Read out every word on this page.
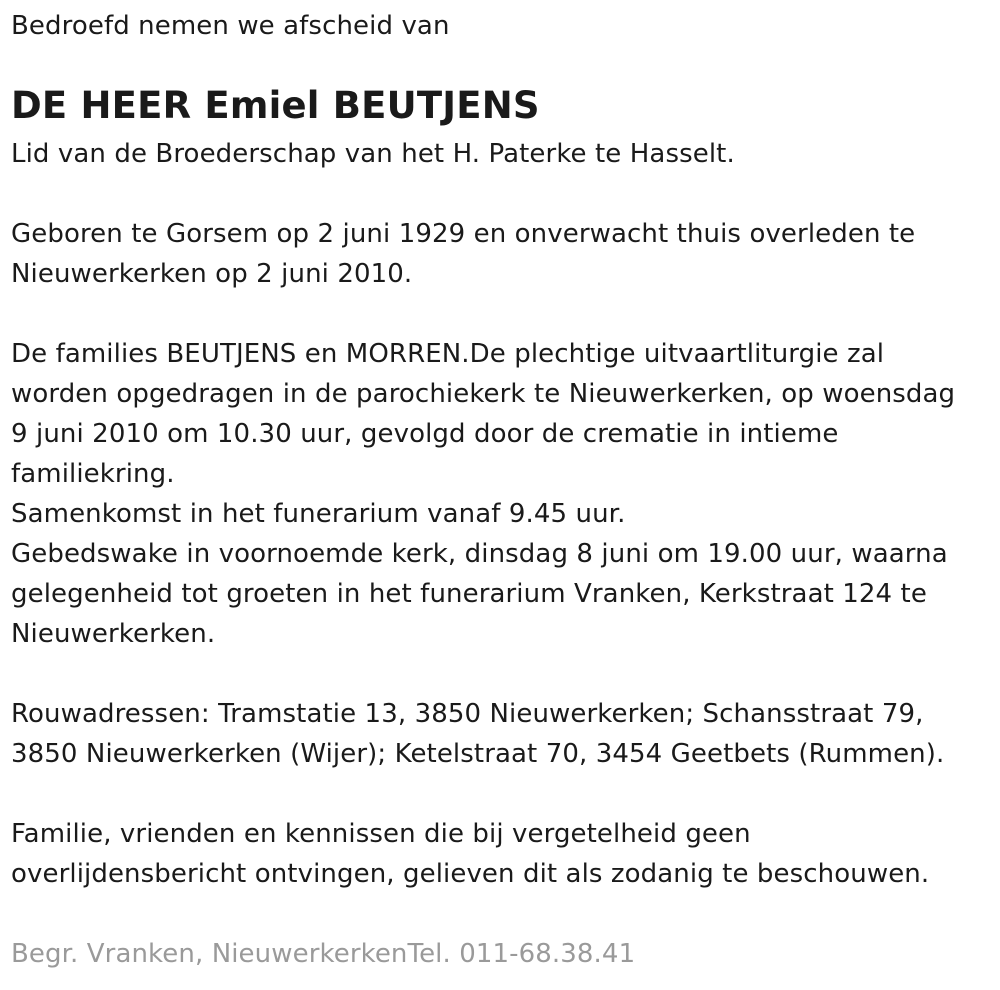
Bedroefd nemen we afscheid van
DE HEER Emiel BEUTJENS
Lid van de Broederschap van het H. Paterke te Hasselt.
Geboren te Gorsem op 2 juni 1929 en onverwacht thuis overleden te
Nieuwerkerken op 2 juni 2010.
De families BEUTJENS en MORREN.De plechtige uitvaartliturgie zal
worden opgedragen in de parochiekerk te Nieuwerkerken, op woensdag
9 juni 2010 om 10.30 uur, gevolgd door de crematie in intieme
familiekring.
Samenkomst in het funerarium vanaf 9.45 uur.
Gebedswake in voornoemde kerk, dinsdag 8 juni om 19.00 uur, waarna
gelegenheid tot groeten in het funerarium Vranken, Kerkstraat 124 te
Nieuwerkerken.
Rouwadressen: Tramstatie 13, 3850 Nieuwerkerken; Schansstraat 79,
3850 Nieuwerkerken (Wijer); Ketelstraat 70, 3454 Geetbets (Rummen).
Familie, vrienden en kennissen die bij vergetelheid geen
overlijdensbericht ontvingen, gelieven dit als zodanig te beschouwen.
Begr. Vranken, NieuwerkerkenTel. 011-68.38.41
